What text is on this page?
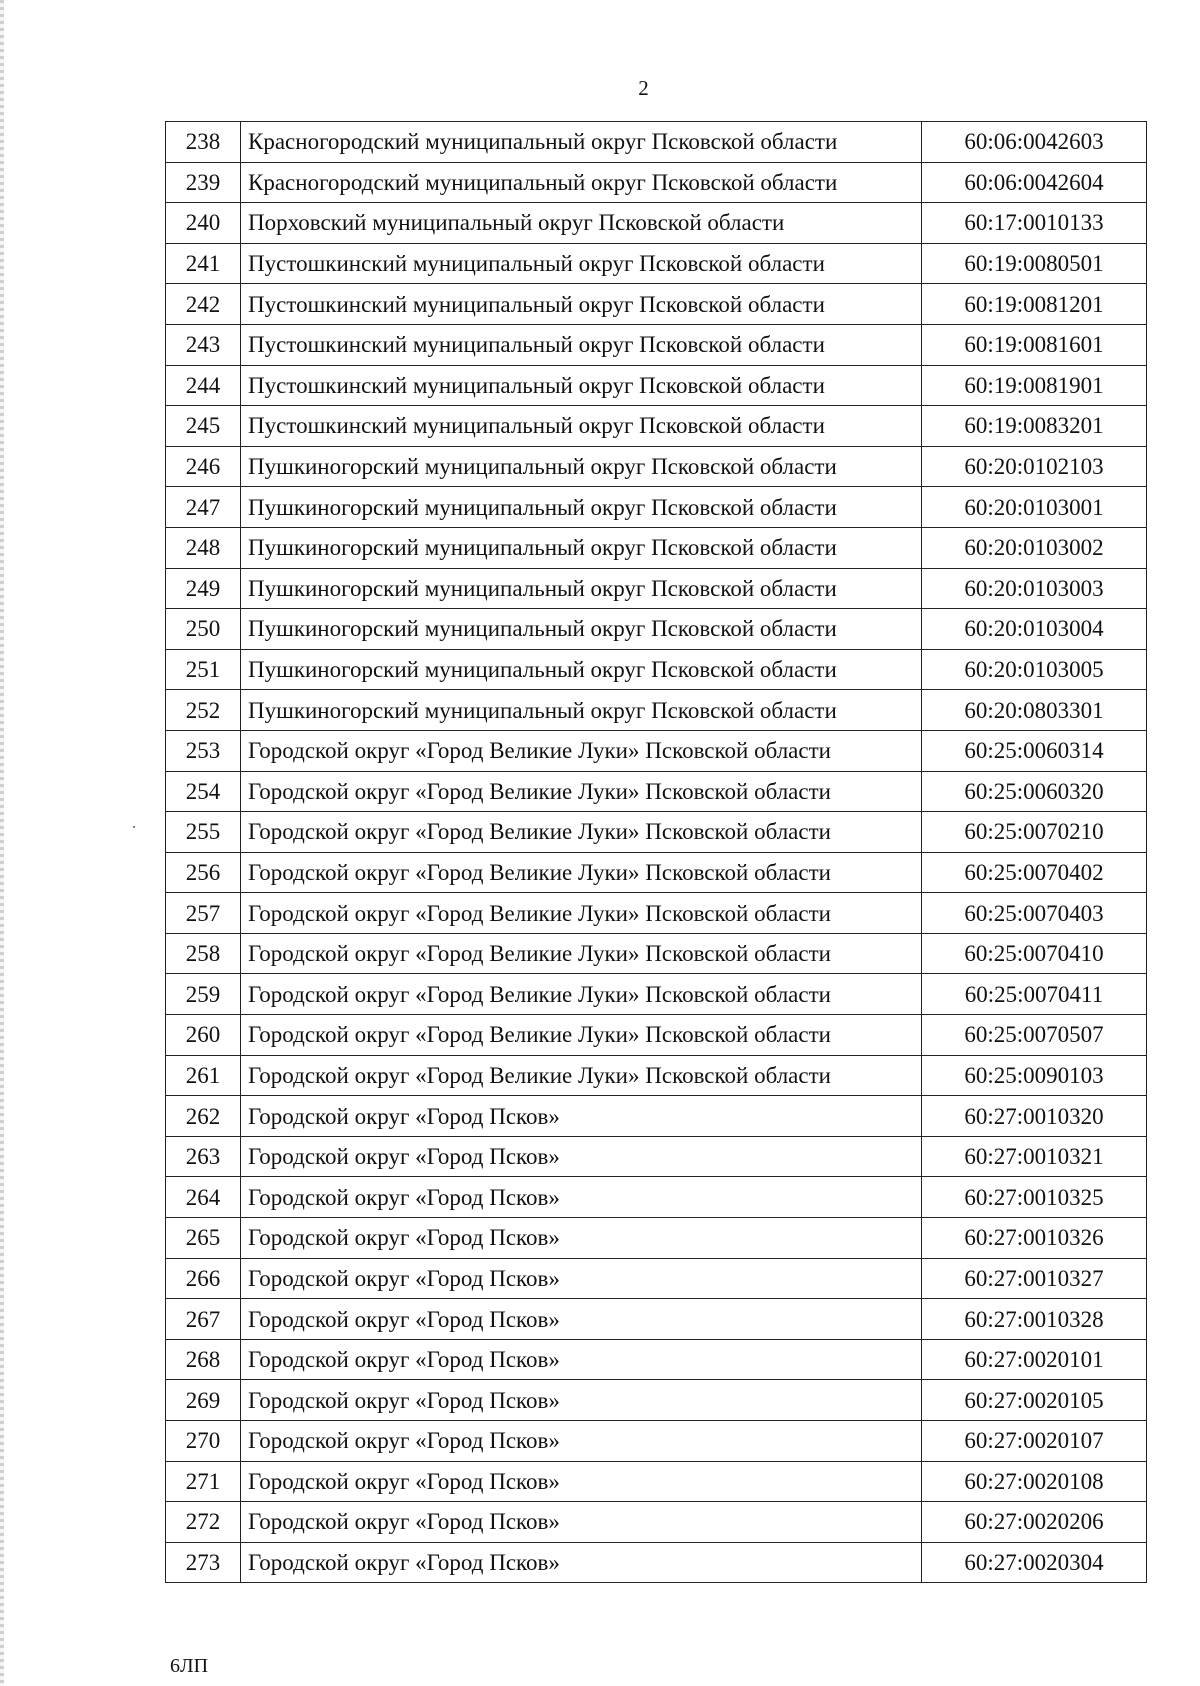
2
238	Красногородский муниципальный округ Псковской области	60:06:0042603
239	Красногородский муниципальный округ Псковской области	60:06:0042604
240	Порховский муниципальный округ Псковской области	60:17:0010133
241	Пустошкинский муниципальный округ Псковской области	60:19:0080501
242	Пустошкинский муниципальный округ Псковской области	60:19:0081201
243	Пустошкинский муниципальный округ Псковской области	60:19:0081601
244	Пустошкинский муниципальный округ Псковской области	60:19:0081901
245	Пустошкинский муниципальный округ Псковской области	60:19:0083201
246	Пушкиногорский муниципальный округ Псковской области	60:20:0102103
247	Пушкиногорский муниципальный округ Псковской области	60:20:0103001
248	Пушкиногорский муниципальный округ Псковской области	60:20:0103002
249	Пушкиногорский муниципальный округ Псковской области	60:20:0103003
250	Пушкиногорский муниципальный округ Псковской области	60:20:0103004
251	Пушкиногорский муниципальный округ Псковской области	60:20:0103005
252	Пушкиногорский муниципальный округ Псковской области	60:20:0803301
253	Городской округ «Город Великие Луки» Псковской области	60:25:0060314
254	Городской округ «Город Великие Луки» Псковской области	60:25:0060320
255	Городской округ «Город Великие Луки» Псковской области	60:25:0070210
256	Городской округ «Город Великие Луки» Псковской области	60:25:0070402
257	Городской округ «Город Великие Луки» Псковской области	60:25:0070403
258	Городской округ «Город Великие Луки» Псковской области	60:25:0070410
259	Городской округ «Город Великие Луки» Псковской области	60:25:0070411
260	Городской округ «Город Великие Луки» Псковской области	60:25:0070507
261	Городской округ «Город Великие Луки» Псковской области	60:25:0090103
262	Городской округ «Город Псков»	60:27:0010320
263	Городской округ «Город Псков»	60:27:0010321
264	Городской округ «Город Псков»	60:27:0010325
265	Городской округ «Город Псков»	60:27:0010326
266	Городской округ «Город Псков»	60:27:0010327
267	Городской округ «Город Псков»	60:27:0010328
268	Городской округ «Город Псков»	60:27:0020101
269	Городской округ «Город Псков»	60:27:0020105
270	Городской округ «Город Псков»	60:27:0020107
271	Городской округ «Город Псков»	60:27:0020108
272	Городской округ «Город Псков»	60:27:0020206
273	Городской округ «Город Псков»	60:27:0020304
6ЛП
